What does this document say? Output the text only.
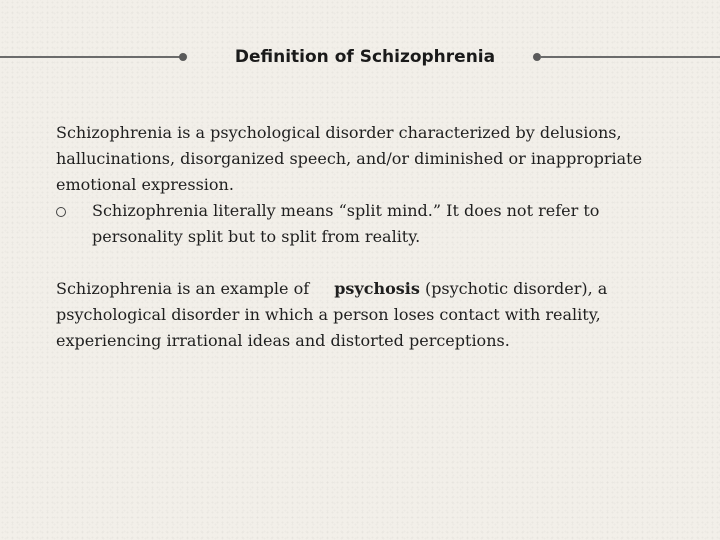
Definition of Schizophrenia

Schizophrenia is a psychological disorder characterized by delusions, hallucinations, disorganized speech, and/or diminished or inappropriate emotional expression.

Schizophrenia literally means “split mind.” It does not refer to personality split but to split from reality.

Schizophrenia is an example of psychosis (psychotic disorder), a psychological disorder in which a person loses contact with reality, experiencing irrational ideas and distorted perceptions.
